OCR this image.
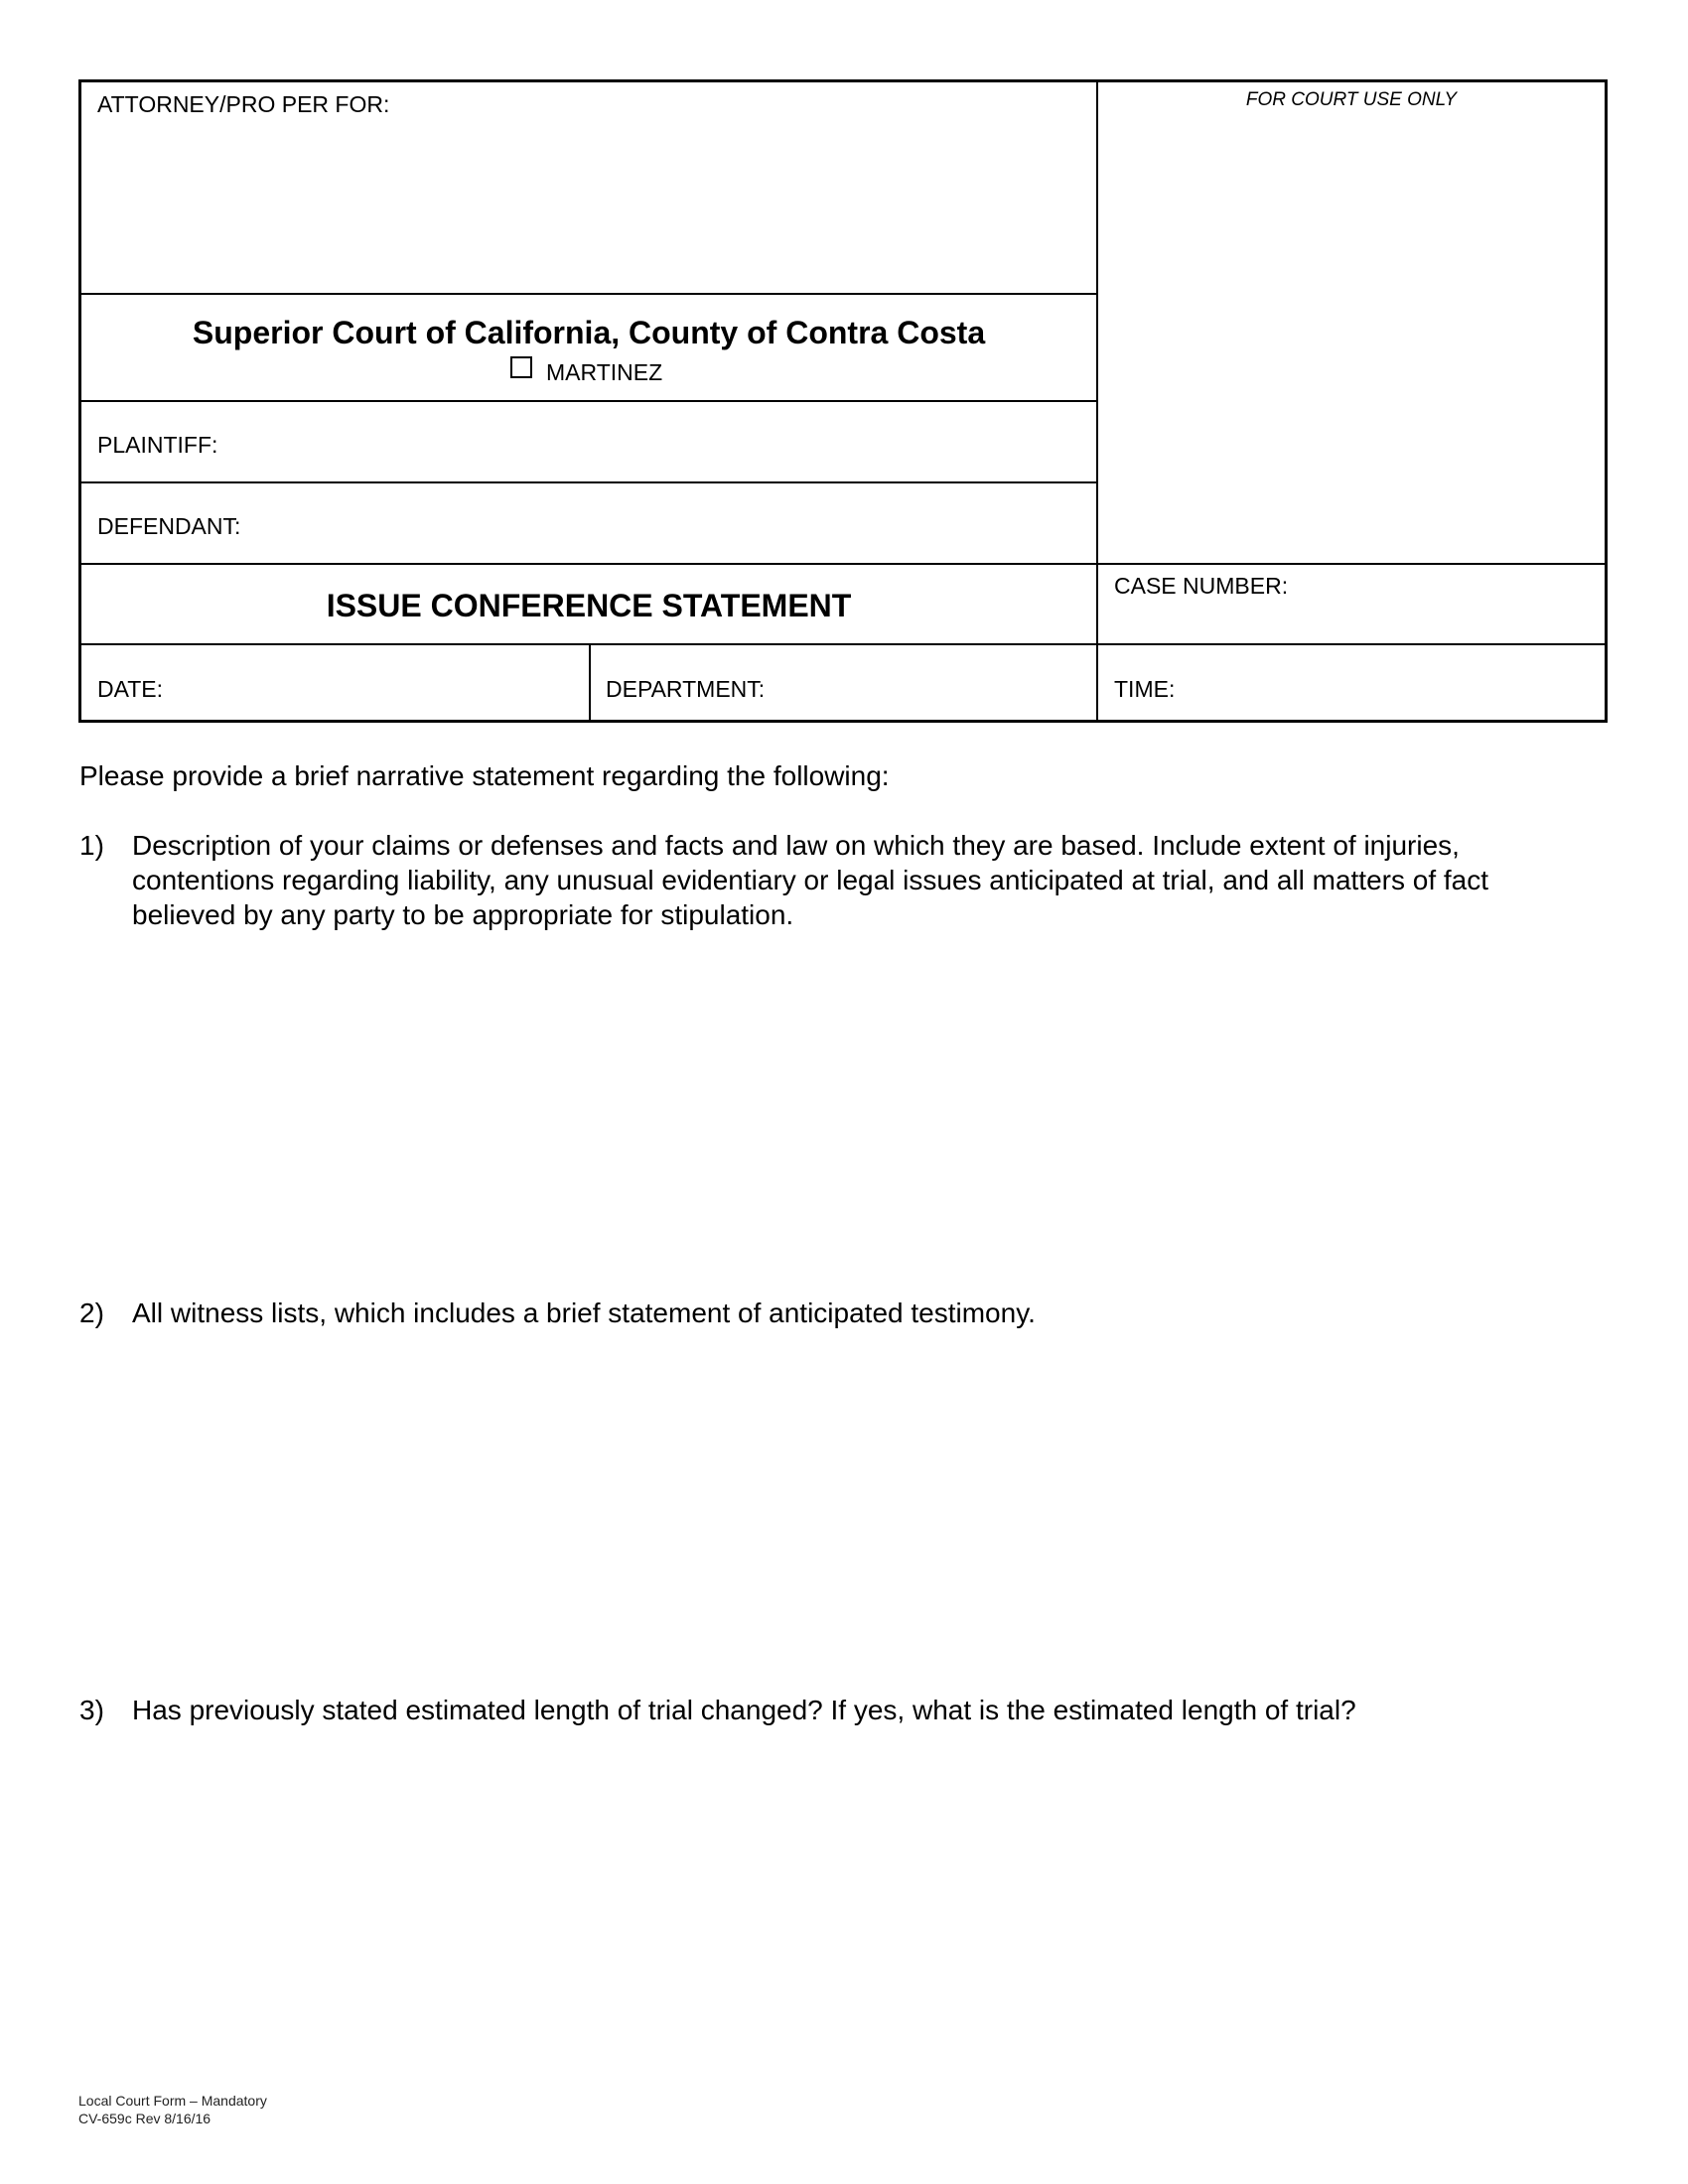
ATTORNEY/PRO PER FOR:	FOR COURT USE ONLY
Superior Court of California, County of Contra Costa
MARTINEZ
PLAINTIFF:
DEFENDANT:
ISSUE CONFERENCE STATEMENT
CASE NUMBER:
DATE:	DEPARTMENT:	TIME:
Please provide a brief narrative statement regarding the following:
1) Description of your claims or defenses and facts and law on which they are based. Include extent of injuries, contentions regarding liability, any unusual evidentiary or legal issues anticipated at trial, and all matters of fact believed by any party to be appropriate for stipulation.
2) All witness lists, which includes a brief statement of anticipated testimony.
3) Has previously stated estimated length of trial changed? If yes, what is the estimated length of trial?
Local Court Form – Mandatory
CV-659c Rev 8/16/16
